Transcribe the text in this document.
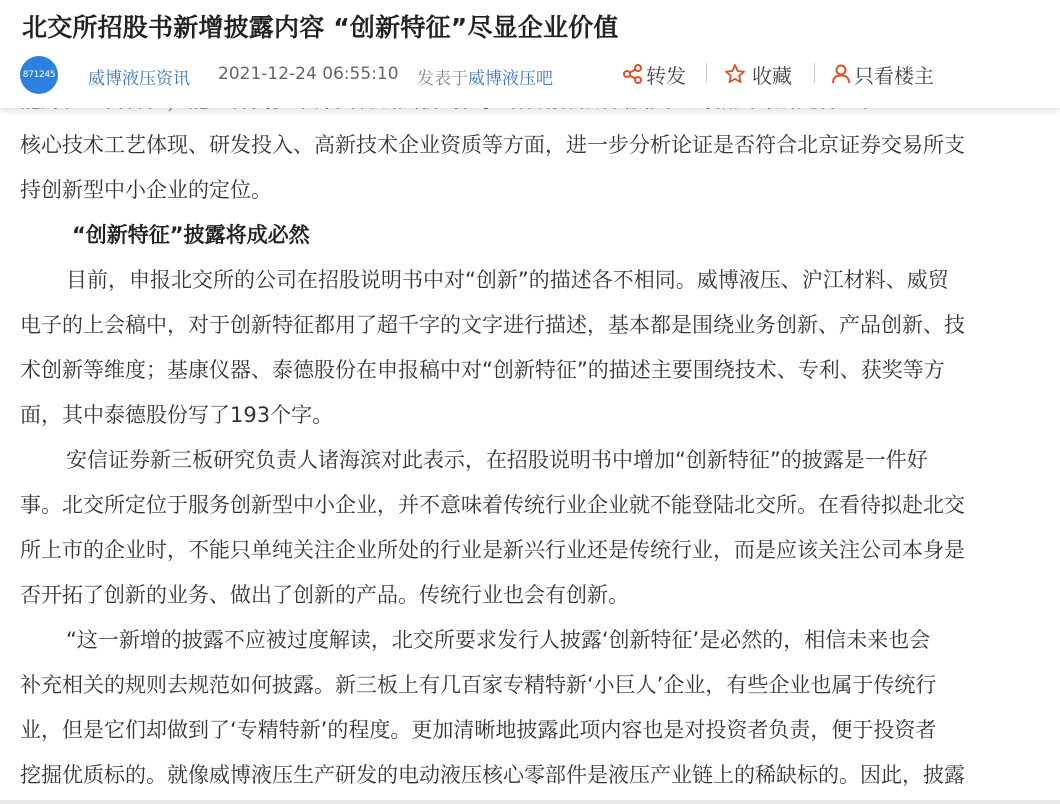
核心技术工艺体现、研发投入、高新技术企业资质等方面，进一步分析论证是否符合北京证券交易所支
持创新型中小企业的定位。
“创新特征”披露将成必然
目前，申报北交所的公司在招股说明书中对“创新”的描述各不相同。威博液压、沪江材料、威贸
电子的上会稿中，对于创新特征都用了超千字的文字进行描述，基本都是围绕业务创新、产品创新、技
术创新等维度；基康仪器、泰德股份在申报稿中对“创新特征”的描述主要围绕技术、专利、获奖等方
面，其中泰德股份写了193个字。
安信证券新三板研究负责人诸海滨对此表示，在招股说明书中增加“创新特征”的披露是一件好
事。北交所定位于服务创新型中小企业，并不意味着传统行业企业就不能登陆北交所。在看待拟赴北交
所上市的企业时，不能只单纯关注企业所处的行业是新兴行业还是传统行业，而是应该关注公司本身是
否开拓了创新的业务、做出了创新的产品。传统行业也会有创新。
“这一新增的披露不应被过度解读，北交所要求发行人披露‘创新特征’是必然的，相信未来也会
补充相关的规则去规范如何披露。新三板上有几百家专精特新‘小巨人’企业，有些企业也属于传统行
业，但是它们却做到了‘专精特新’的程度。更加清晰地披露此项内容也是对投资者负责，便于投资者
挖掘优质标的。就像威博液压生产研发的电动液压核心零部件是液压产业链上的稀缺标的。因此，披露
北交所招股书新增披露内容 “创新特征”尽显企业价值
871245 威博液压资讯 2021-12-24 06:55:10 发表于威博液压吧	转发	收藏	只看楼主
